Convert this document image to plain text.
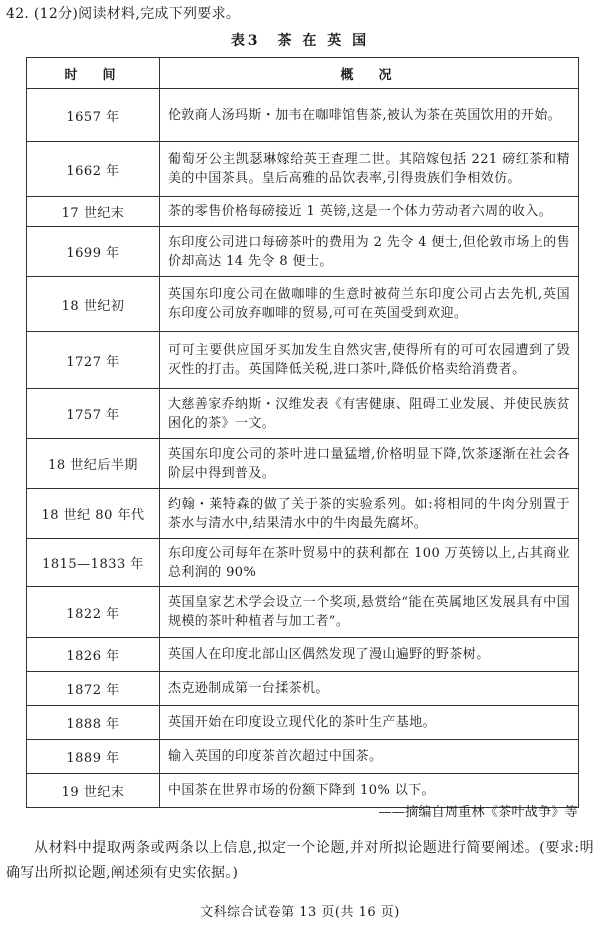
42. (12分)阅读材料,完成下列要求。
表3　茶 在 英 国
时　间	概　况
1657 年	伦敦商人汤玛斯・加韦在咖啡馆售茶,被认为茶在英国饮用的开始。
1662 年	葡萄牙公主凯瑟琳嫁给英王查理二世。其陪嫁包括 221 磅红茶和精美的中国茶具。皇后高雅的品饮表率,引得贵族们争相效仿。
17 世纪末	茶的零售价格每磅接近 1 英镑,这是一个体力劳动者六周的收入。
1699 年	东印度公司进口每磅茶叶的费用为 2 先令 4 便士,但伦敦市场上的售价却高达 14 先令 8 便士。
18 世纪初	英国东印度公司在做咖啡的生意时被荷兰东印度公司占去先机,英国东印度公司放弃咖啡的贸易,可可在英国受到欢迎。
1727 年	可可主要供应国牙买加发生自然灾害,使得所有的可可农园遭到了毁灭性的打击。英国降低关税,进口茶叶,降低价格卖给消费者。
1757 年	大慈善家乔纳斯・汉维发表《有害健康、阻碍工业发展、并使民族贫困化的茶》一文。
18 世纪后半期	英国东印度公司的茶叶进口量猛增,价格明显下降,饮茶逐渐在社会各阶层中得到普及。
18 世纪 80 年代	约翰・莱特森的做了关于茶的实验系列。如:将相同的牛肉分别置于茶水与清水中,结果清水中的牛肉最先腐坏。
1815—1833 年	东印度公司每年在茶叶贸易中的获利都在 100 万英镑以上,占其商业总利润的 90%
1822 年	英国皇家艺术学会设立一个奖项,悬赏给“能在英属地区发展具有中国规模的茶叶种植者与加工者”。
1826 年	英国人在印度北部山区偶然发现了漫山遍野的野茶树。
1872 年	杰克逊制成第一台揉茶机。
1888 年	英国开始在印度设立现代化的茶叶生产基地。
1889 年	输入英国的印度茶首次超过中国茶。
19 世纪末	中国茶在世界市场的份额下降到 10% 以下。
——摘编自周重林《茶叶战争》等
从材料中提取两条或两条以上信息,拟定一个论题,并对所拟论题进行简要阐述。(要求:明确写出所拟论题,阐述须有史实依据。)
文科综合试卷第 13 页(共 16 页)
